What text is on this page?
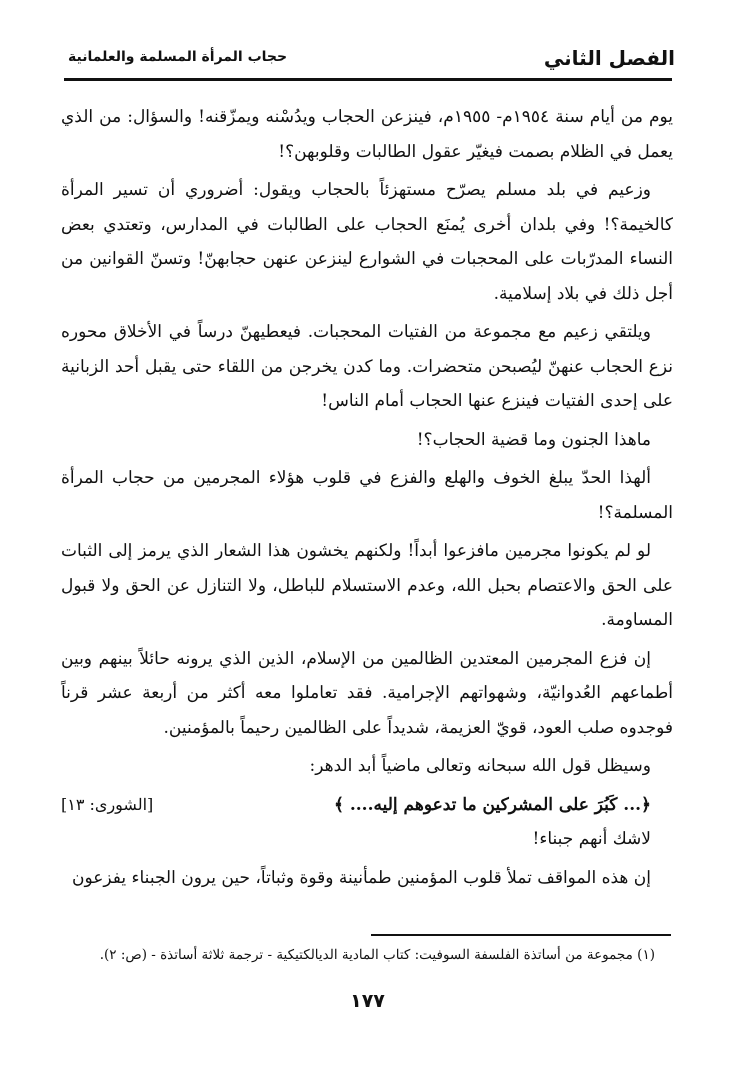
الفصل الثاني
حجاب المرأة المسلمة والعلمانية

يوم من أيام سنة ١٩٥٤م- ١٩٥٥م، فينزعن الحجاب ويدُسْنه ويمزّقنه! والسؤال: من الذي يعمل في الظلام بصمت فيغيّر عقول الطالبات وقلوبهن؟!

وزعيم في بلد مسلم يصرّح مستهزئاً بالحجاب ويقول: أضروري أن تسير المرأة كالخيمة؟! وفي بلدان أخرى يُمنَع الحجاب على الطالبات في المدارس، وتعتدي بعض النساء المدرّبات على المحجبات في الشوارع لينزعن عنهن حجابهنّ! وتسنّ القوانين من أجل ذلك في بلاد إسلامية.

ويلتقي زعيم مع مجموعة من الفتيات المحجبات. فيعطيهنّ درساً في الأخلاق محوره نزع الحجاب عنهنّ ليُصبحن متحضرات. وما كدن يخرجن من اللقاء حتى يقبل أحد الزبانية على إحدى الفتيات فينزع عنها الحجاب أمام الناس!

ماهذا الجنون وما قضية الحجاب؟!

ألهذا الحدّ يبلغ الخوف والهلع والفزع في قلوب هؤلاء المجرمين من حجاب المرأة المسلمة؟!

لو لم يكونوا مجرمين مافزعوا أبداً! ولكنهم يخشون هذا الشعار الذي يرمز إلى الثبات على الحق والاعتصام بحبل الله، وعدم الاستسلام للباطل، ولا التنازل عن الحق ولا قبول المساومة.

إن فزع المجرمين المعتدين الظالمين من الإسلام، الذين الذي يرونه حائلاً بينهم وبين أطماعهم العُدوانيّة، وشهواتهم الإجرامية. فقد تعاملوا معه أكثر من أربعة عشر قرناً فوجدوه صلب العود، قويّ العزيمة، شديداً على الظالمين رحيماً بالمؤمنين.

وسيظل قول الله سبحانه وتعالى ماضياً أبد الدهر:

﴿... كَبُرَ على المشركين ما تدعوهم إليه.... ﴾
[الشورى: ١٣]

لاشك أنهم جبناء!

إن هذه المواقف تملأ قلوب المؤمنين طمأنينة وقوة وثباتاً، حين يرون الجبناء يفزعون

(١) مجموعة من أساتذة الفلسفة السوفيت: كتاب المادية الديالكتيكية - ترجمة ثلاثة أساتذة - (ص: ٢).
١٧٧
